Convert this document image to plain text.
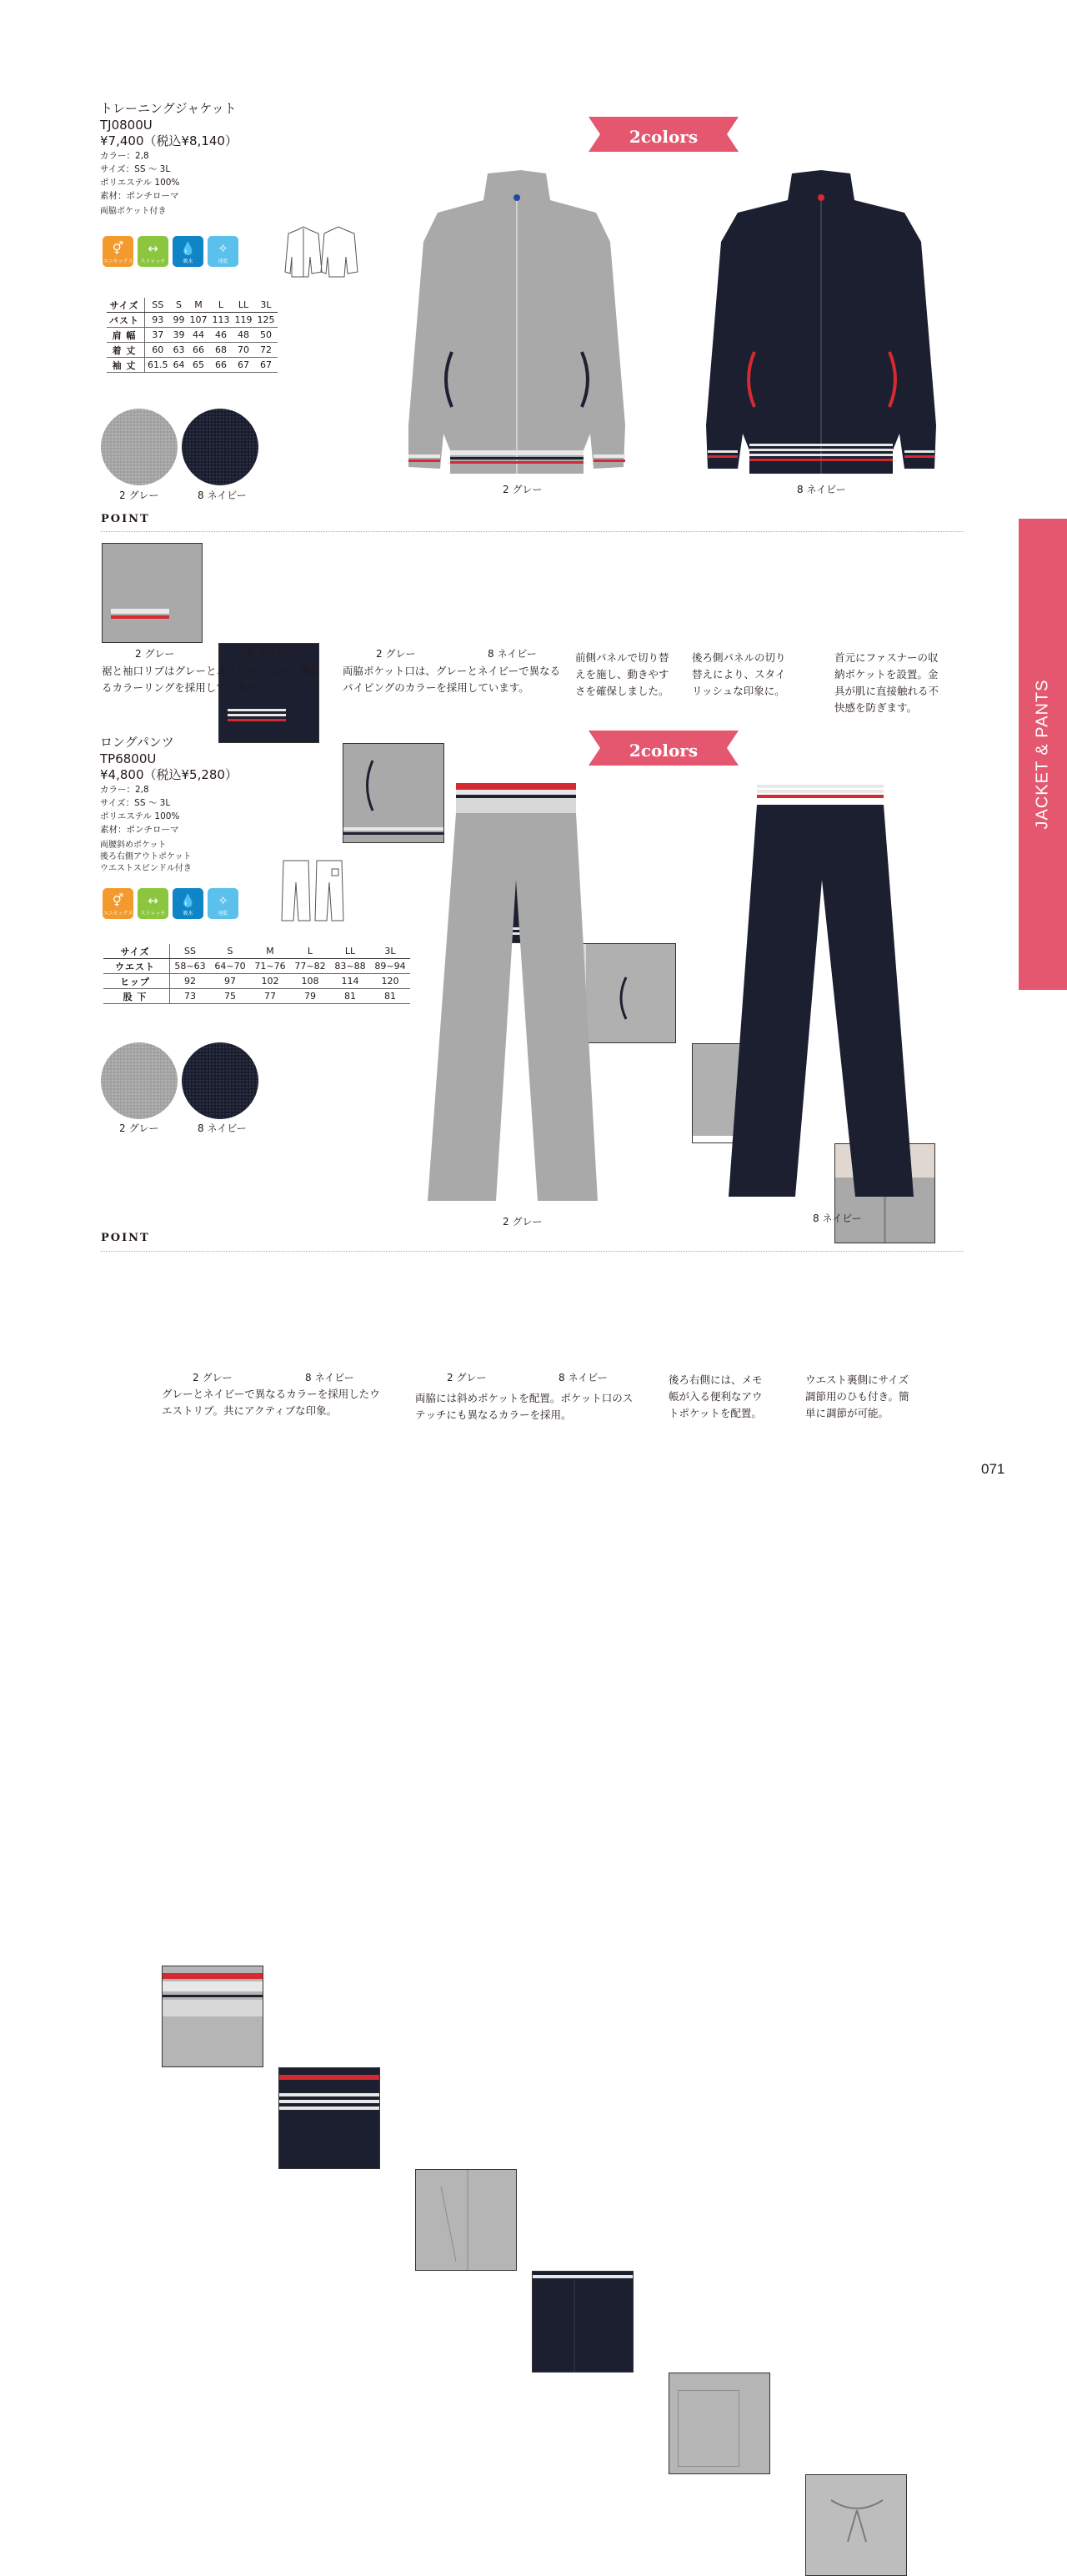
トレーニングジャケット
TJ0800U
¥7,400（税込¥8,140）
カラー：2,8
サイズ：SS ～ 3L
ポリエステル 100%
素材：ポンチローマ
両脇ポケット付き
⚥
ユニセックス
↔
ストレッチ
💧
吸水
✧
速乾
サイズ	SS	S	M	L	LL	3L
バスト	93	99	107	113	119	125
肩 幅	37	39	44	46	48	50
着 丈	60	63	66	68	70	72
袖 丈	61.5	64	65	66	67	67
2 グレー	8 ネイビー
2colors
2 グレー	8 ネイビー
POINT
2 グレー	8 ネイビー	2 グレー	8 ネイビー
裾と袖口リブはグレーとネイビーによって異なるカラーリングを採用しています。
両脇ポケット口は、グレーとネイビーで異なるパイピングのカラーを採用しています。
前側パネルで切り替えを施し、動きやすさを確保しました。
後ろ側パネルの切り替えにより、スタイリッシュな印象に。
首元にファスナーの収納ポケットを設置。金具が肌に直接触れる不快感を防ぎます。
ロングパンツ
TP6800U
¥4,800（税込¥5,280）
カラー：2,8
サイズ：SS ～ 3L
ポリエステル 100%
素材：ポンチローマ
両腰斜めポケット
後ろ右側アウトポケット
ウエストスピンドル付き
⚥
ユニセックス
↔
ストレッチ
💧
吸水
✧
速乾
サイズ	SS	S	M	L	LL	3L
ウエスト	58~63	64~70	71~76	77~82	83~88	89~94
ヒップ	92	97	102	108	114	120
股 下	73	75	77	79	81	81
2 グレー	8 ネイビー
2colors
2 グレー	8 ネイビー
POINT
2 グレー	8 ネイビー	2 グレー	8 ネイビー
グレーとネイビーで異なるカラーを採用したウエストリブ。共にアクティブな印象。
両脇には斜めポケットを配置。ポケット口のステッチにも異なるカラーを採用。
後ろ右側には、メモ帳が入る便利なアウトポケットを配置。
ウエスト裏側にサイズ調節用のひも付き。簡単に調節が可能。
JACKET & PANTS
071
